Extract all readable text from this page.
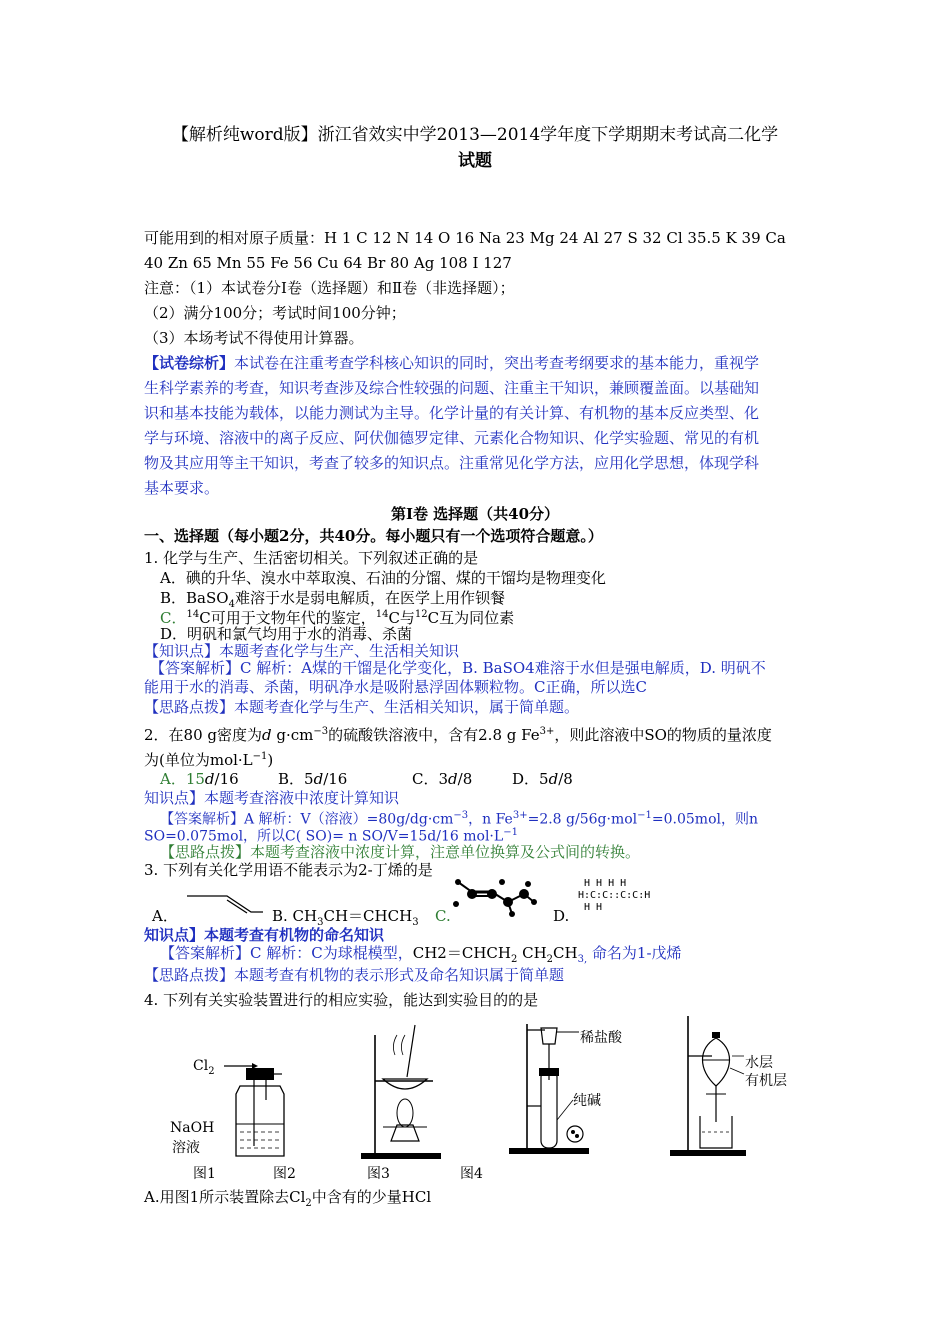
【解析纯word版】浙江省效实中学2013—2014学年度下学期期末考试高二化学
试题
可能用到的相对原子质量：H 1 C 12 N 14 O 16 Na 23 Mg 24 Al 27 S 32 Cl 35.5 K 39 Ca
40 Zn 65 Mn 55 Fe 56 Cu 64 Br 80 Ag 108 I 127
注意：（1）本试卷分Ⅰ卷（选择题）和Ⅱ卷（非选择题）；
（2）满分100分；考试时间100分钟；
（3）本场考试不得使用计算器。
【试卷综析】本试卷在注重考查学科核心知识的同时，突出考查考纲要求的基本能力，重视学
生科学素养的考查，知识考查涉及综合性较强的问题、注重主干知识，兼顾覆盖面。以基础知
识和基本技能为载体，以能力测试为主导。化学计量的有关计算、有机物的基本反应类型、化
学与环境、溶液中的离子反应、阿伏伽德罗定律、元素化合物知识、化学实验题、常见的有机
物及其应用等主干知识，考查了较多的知识点。注重常见化学方法，应用化学思想，体现学科
基本要求。
第I卷 选择题（共40分）
一、选择题（每小题2分，共40分。每小题只有一个选项符合题意。）
1. 化学与生产、生活密切相关。下列叙述正确的是
A．碘的升华、溴水中萃取溴、石油的分馏、煤的干馏均是物理变化
B．BaSO$_4$难溶于水是弱电解质，在医学上用作钡餐
C．$^{14}$C可用于文物年代的鉴定，$^{14}$C与$^{12}$C互为同位素
D．明矾和氯气均用于水的消毒、杀菌
【知识点】本题考查化学与生产、生活相关知识
【答案解析】C 解析：A煤的干馏是化学变化，B. BaSO4难溶于水但是强电解质，D. 明矾不
能用于水的消毒、杀菌，明矾净水是吸附悬浮固体颗粒物。C正确，所以选C
【思路点拨】本题考查化学与生产、生活相关知识，属于简单题。
2．在80 g密度为d $g\cdot cm^{-3}$的硫酸铁溶液中，含有2.8 g $Fe^{3+}$，则此溶液中SO的物质的量浓度
为(单位为$mol\cdot L^{-1}$)
A．15d/16	B．5d/16	C．3d/8	D．5d/8
知识点】本题考查溶液中浓度计算知识
【答案解析】A 解析：V（溶液）$=80g/dg\cdot cm^{-3}$，n $Fe^{3+}=2.8$ g/56g·mol$^{-1}$=0.05mol，则n
SO=0.075mol，所以C( SO)= n SO/V=15d/16 $mol\cdot L^{-1}$
【思路点拨】本题考查溶液中浓度计算，注意单位换算及公式间的转换。
3. 下列有关化学用语不能表示为2-丁烯的是
A．	B. $CH_3CH=CHCH_3$ C.	D.
H H H H
H:C:C::C:C:H
H H
知识点】本题考查有机物的命名知识
【答案解析】C 解析：C为球棍模型，$CH2=CHCH_2$ $CH_2CH_{3,}$ 命名为1-戊烯
【思路点拨】本题考查有机物的表示形式及命名知识属于简单题
4. 下列有关实验装置进行的相应实验，能达到实验目的的是
$Cl_2$
NaOH
溶液
稀盐酸
纯碱
水层
有机层
图1	图2	图3	图4
A.用图1所示装置除去$Cl_2$中含有的少量HCl
